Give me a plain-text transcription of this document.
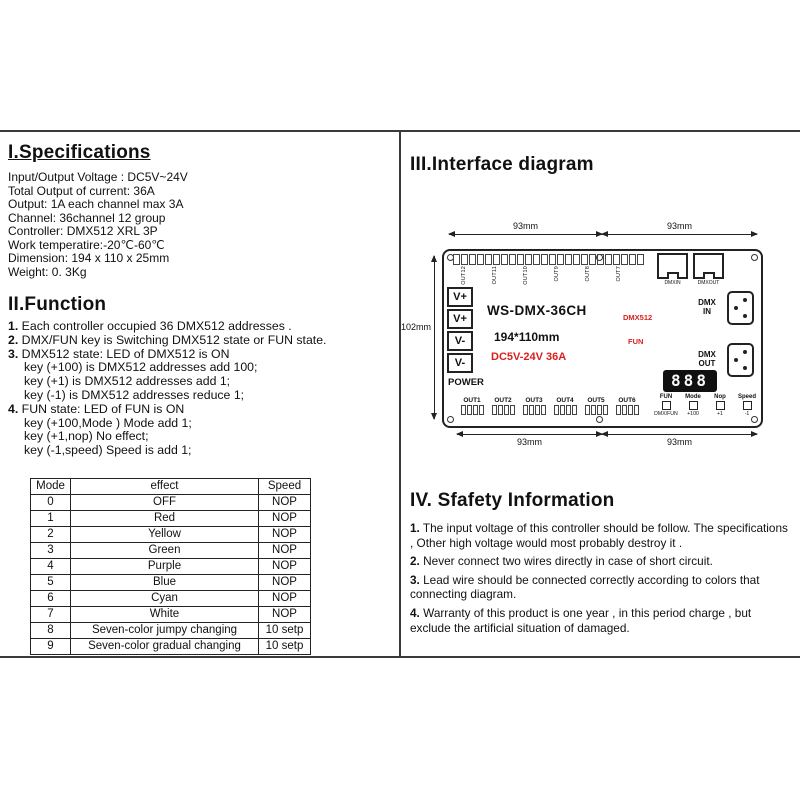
I.Specifications
Input/Output Voltage : DC5V~24V
Total Output of current: 36A
Output: 1A each channel max 3A
Channel: 36channel 12 group
Controller: DMX512 XRL 3P
Work temperatire:-20℃-60℃
Dimension: 194 x 110 x 25mm
Weight: 0. 3Kg
II.Function
1. Each controller occupied 36 DMX512 addresses .
2. DMX/FUN key is Switching DMX512 state or FUN state.
3. DMX512 state: LED of DMX512 is ON
key (+100) is DMX512 addresses add 100;
key (+1) is DMX512 addresses add 1;
key (-1) is DMX512 addresses reduce 1;
4. FUN state: LED of FUN is ON
key (+100,Mode ) Mode add 1;
key (+1,nop) No effect;
key (-1,speed) Speed is add 1;
Mode	effect	Speed
0	OFF	NOP
1	Red	NOP
2	Yellow	NOP
3	Green	NOP
4	Purple	NOP
5	Blue	NOP
6	Cyan	NOP
7	White	NOP
8	Seven-color jumpy changing	10 setp
9	Seven-color gradual changing	10 setp
III.Interface diagram
93mm	93mm
102mm
93mm	93mm
OUT12	OUT11	OUT10	OUT9	OUT8	OUT7
DMXIN	DMXOUT
V+
V+
V-
V-
WS-DMX-36CH
194*110mm
DC5V-24V 36A
DMX512
FUN
DMX
IN
DMX
OUT
888
POWER
OUT1	OUT2	OUT3	OUT4	OUT5	OUT6	FUN
DMX/FUN
Mode
+100
Nop
+1
Speed
-1
IV. Sfafety Information
1. The input voltage of this controller should be follow. The specifications , Other high voltage would most probably destroy it .
2. Never connect two wires directly in case of short circuit.
3. Lead wire should be connected correctly according to colors that connecting diagram.
4. Warranty of this product is one year , in this period charge , but exclude the artificial situation of damaged.
